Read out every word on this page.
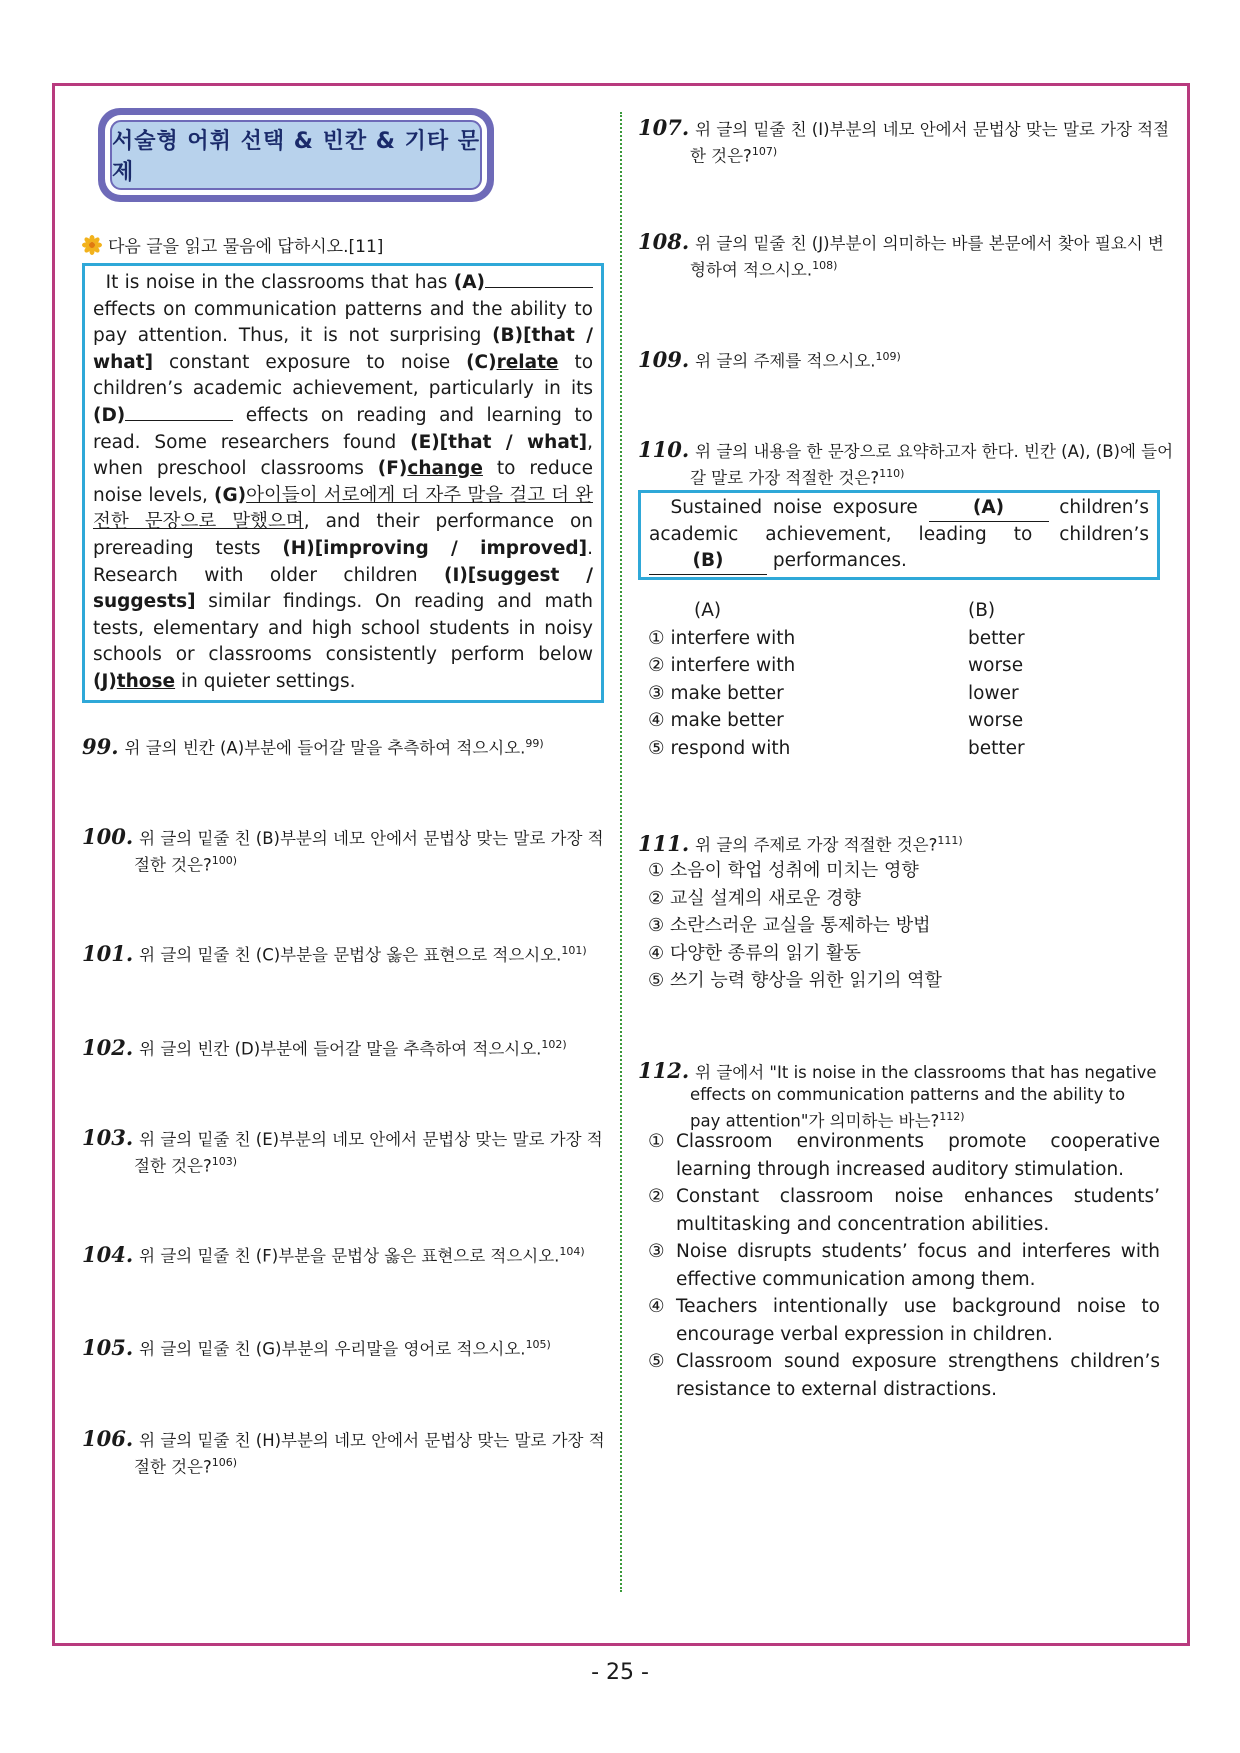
서술형 어휘 선택 & 빈칸 & 기타 문제
다음 글을 읽고 물음에 답하시오.[11]
It is noise in the classrooms that has (A) effects on communication patterns and the ability to pay attention. Thus, it is not surprising (B)[that / what] constant exposure to noise (C)relate to children’s academic achievement, particularly in its (D)	effects on reading and learning to read. Some researchers found (E)[that / what], when preschool classrooms (F)change to reduce noise levels, (G)아이들이 서로에게 더 자주 말을 걸고 더 완전한 문장으로 말했으며, and their performance on prereading tests (H)[improving / improved]. Research with older children (I)[suggest / suggests] similar findings. On reading and math tests, elementary and high school students in noisy schools or classrooms consistently perform below (J)those in quieter settings.
99. 위 글의 빈칸 (A)부분에 들어갈 말을 추측하여 적으시오.$^{99)}$
100. 위 글의 밑줄 친 (B)부분의 네모 안에서 문법상 맞는 말로 가장 적
절한 것은?$^{100)}$
101. 위 글의 밑줄 친 (C)부분을 문법상 옳은 표현으로 적으시오.$^{101)}$
102. 위 글의 빈칸 (D)부분에 들어갈 말을 추측하여 적으시오.$^{102)}$
103. 위 글의 밑줄 친 (E)부분의 네모 안에서 문법상 맞는 말로 가장 적
절한 것은?$^{103)}$
104. 위 글의 밑줄 친 (F)부분을 문법상 옳은 표현으로 적으시오.$^{104)}$
105. 위 글의 밑줄 친 (G)부분의 우리말을 영어로 적으시오.$^{105)}$
106. 위 글의 밑줄 친 (H)부분의 네모 안에서 문법상 맞는 말로 가장 적
절한 것은?$^{106)}$
107. 위 글의 밑줄 친 (I)부분의 네모 안에서 문법상 맞는 말로 가장 적절
한 것은?$^{107)}$
108. 위 글의 밑줄 친 (J)부분이 의미하는 바를 본문에서 찾아 필요시 변
형하여 적으시오.$^{108)}$
109. 위 글의 주제를 적으시오.$^{109)}$
110. 위 글의 내용을 한 문장으로 요약하고자 한다. 빈칸 (A), (B)에 들어
갈 말로 가장 적절한 것은?$^{110)}$
Sustained noise exposure	(A)	children’s academic achievement, leading to children’s (B)	performances.
(A)	(B)
① interfere with	better
② interfere with	worse
③ make better	lower
④ make better	worse
⑤ respond with	better
111. 위 글의 주제로 가장 적절한 것은?$^{111)}$
① 소음이 학업 성취에 미치는 영향
② 교실 설계의 새로운 경향
③ 소란스러운 교실을 통제하는 방법
④ 다양한 종류의 읽기 활동
⑤ 쓰기 능력 향상을 위한 읽기의 역할
112. 위 글에서 "It is noise in the classrooms that has negative
effects on communication patterns and the ability to
pay attention"가 의미하는 바는?$^{112)}$
① Classroom environments promote cooperative learning through increased auditory stimulation.
② Constant classroom noise enhances students’ multitasking and concentration abilities.
③ Noise disrupts students’ focus and interferes with effective communication among them.
④ Teachers intentionally use background noise to encourage verbal expression in children.
⑤ Classroom sound exposure strengthens children’s resistance to external distractions.
- 25 -
